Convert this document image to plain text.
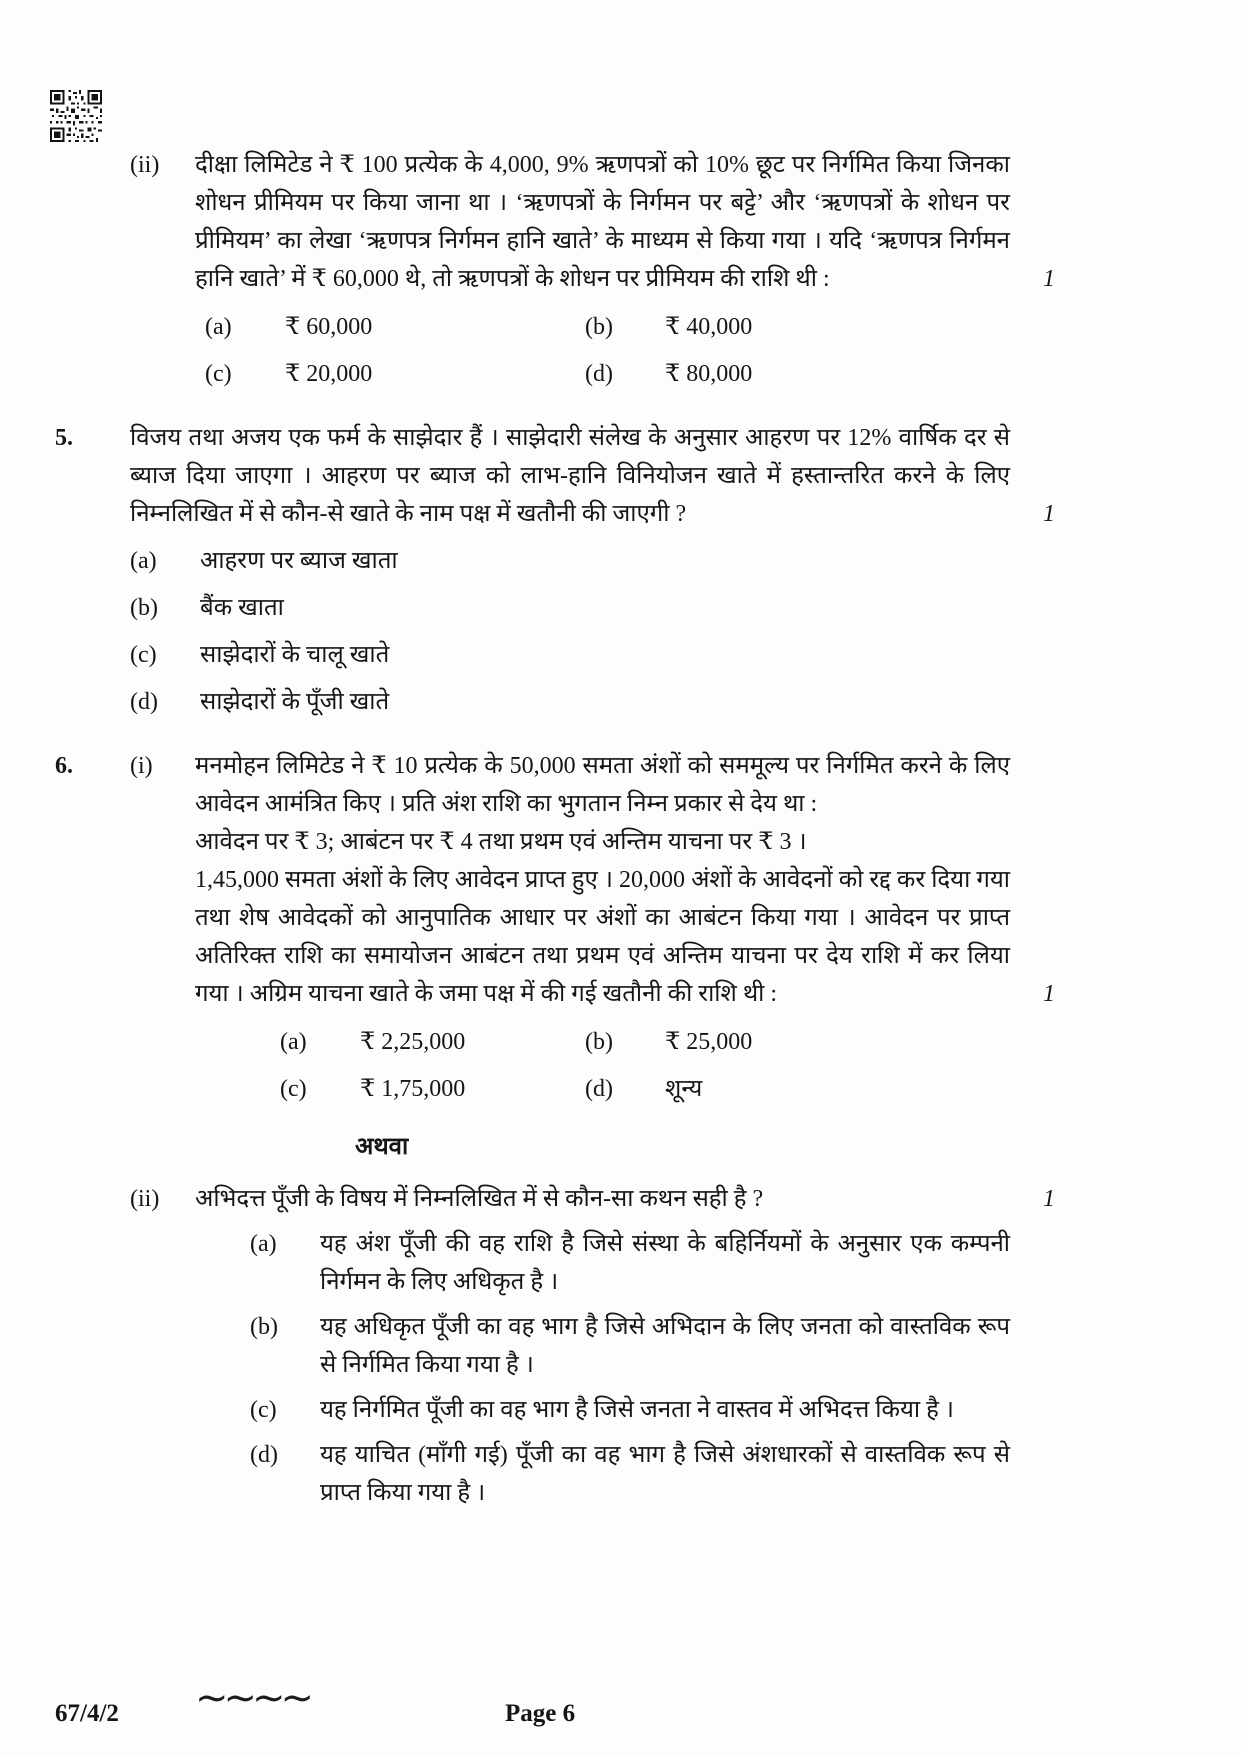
(ii)	दीक्षा लिमिटेड ने ₹ 100 प्रत्येक के 4,000, 9% ऋणपत्रों को 10% छूट पर निर्गमित किया जिनका शोधन प्रीमियम पर किया जाना था । ‘ऋणपत्रों के निर्गमन पर बट्टे’ और ‘ऋणपत्रों के शोधन पर प्रीमियम’ का लेखा ‘ऋणपत्र निर्गमन हानि खाते’ के माध्यम से किया गया । यदि ‘ऋणपत्र निर्गमन हानि खाते’ में ₹ 60,000 थे, तो ऋणपत्रों के शोधन पर प्रीमियम की राशि थी :	1
(a)	₹ 60,000	(b)	₹ 40,000
(c)	₹ 20,000	(d)	₹ 80,000
5.	विजय तथा अजय एक फर्म के साझेदार हैं । साझेदारी संलेख के अनुसार आहरण पर 12% वार्षिक दर से ब्याज दिया जाएगा । आहरण पर ब्याज को लाभ-हानि विनियोजन खाते में हस्तान्तरित करने के लिए निम्नलिखित में से कौन-से खाते के नाम पक्ष में खतौनी की जाएगी ?	1
(a)	आहरण पर ब्याज खाता
(b)	बैंक खाता
(c)	साझेदारों के चालू खाते
(d)	साझेदारों के पूँजी खाते
6.	(i)	मनमोहन लिमिटेड ने ₹ 10 प्रत्येक के 50,000 समता अंशों को सममूल्य पर निर्गमित करने के लिए आवेदन आमंत्रित किए । प्रति अंश राशि का भुगतान निम्न प्रकार से देय था :

आवेदन पर ₹ 3; आबंटन पर ₹ 4 तथा प्रथम एवं अन्तिम याचना पर ₹ 3 ।

1,45,000 समता अंशों के लिए आवेदन प्राप्त हुए । 20,000 अंशों के आवेदनों को रद्द कर दिया गया तथा शेष आवेदकों को आनुपातिक आधार पर अंशों का आबंटन किया गया । आवेदन पर प्राप्त अतिरिक्त राशि का समायोजन आबंटन तथा प्रथम एवं अन्तिम याचना पर देय राशि में कर लिया गया । अग्रिम याचना खाते के जमा पक्ष में की गई खतौनी की राशि थी :	1
(a)	₹ 2,25,000	(b)	₹ 25,000
(c)	₹ 1,75,000	(d)	शून्य
अथवा
(ii)	अभिदत्त पूँजी के विषय में निम्नलिखित में से कौन-सा कथन सही है ?	1
(a)	यह अंश पूँजी की वह राशि है जिसे संस्था के बहिर्नियमों के अनुसार एक कम्पनी निर्गमन के लिए अधिकृत है ।
(b)	यह अधिकृत पूँजी का वह भाग है जिसे अभिदान के लिए जनता को वास्तविक रूप से निर्गमित किया गया है ।
(c)	यह निर्गमित पूँजी का वह भाग है जिसे जनता ने वास्तव में अभिदत्त किया है ।
(d)	यह याचित (माँगी गई) पूँजी का वह भाग है जिसे अंशधारकों से वास्तविक रूप से प्राप्त किया गया है ।
67/4/2 ∼∼∼∼	Page 6
